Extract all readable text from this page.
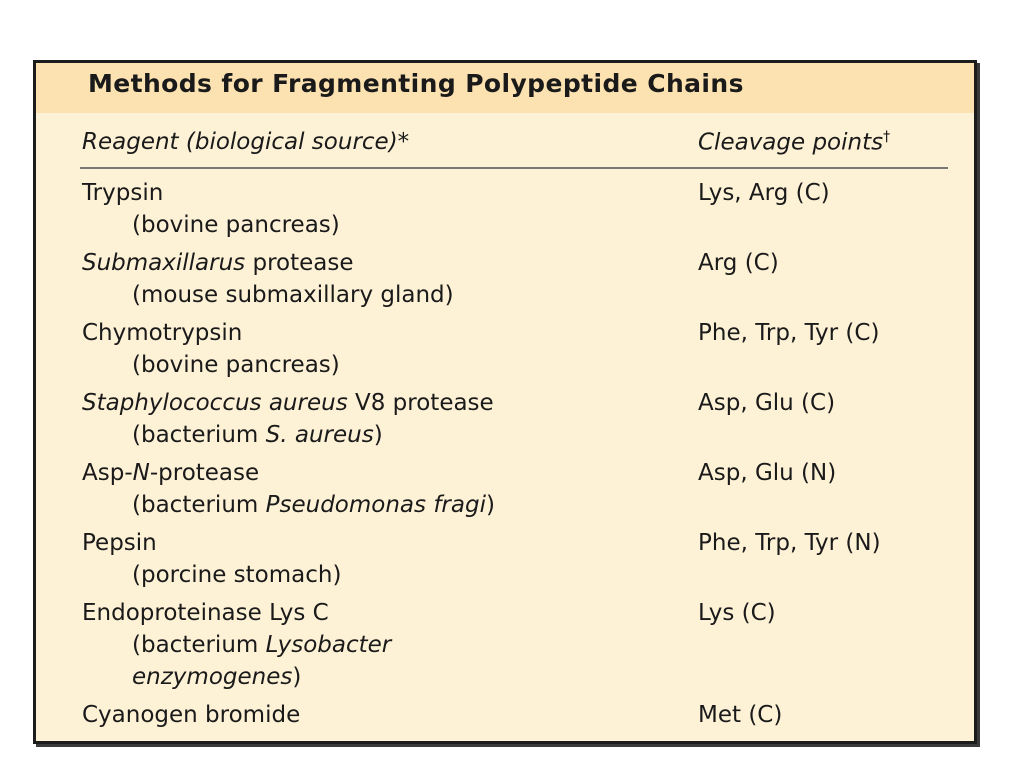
Methods for Fragmenting Polypeptide Chains
Reagent (biological source)*	Cleavage points†
Trypsin
(bovine pancreas)
Lys, Arg (C)
Submaxillarus protease
(mouse submaxillary gland)
Arg (C)
Chymotrypsin
(bovine pancreas)
Phe, Trp, Tyr (C)
Staphylococcus aureus V8 protease
(bacterium S. aureus)
Asp, Glu (C)
Asp-N-protease
(bacterium Pseudomonas fragi)
Asp, Glu (N)
Pepsin
(porcine stomach)
Phe, Trp, Tyr (N)
Endoproteinase Lys C
(bacterium Lysobacter
enzymogenes)
Lys (C)
Cyanogen bromide	Met (C)
